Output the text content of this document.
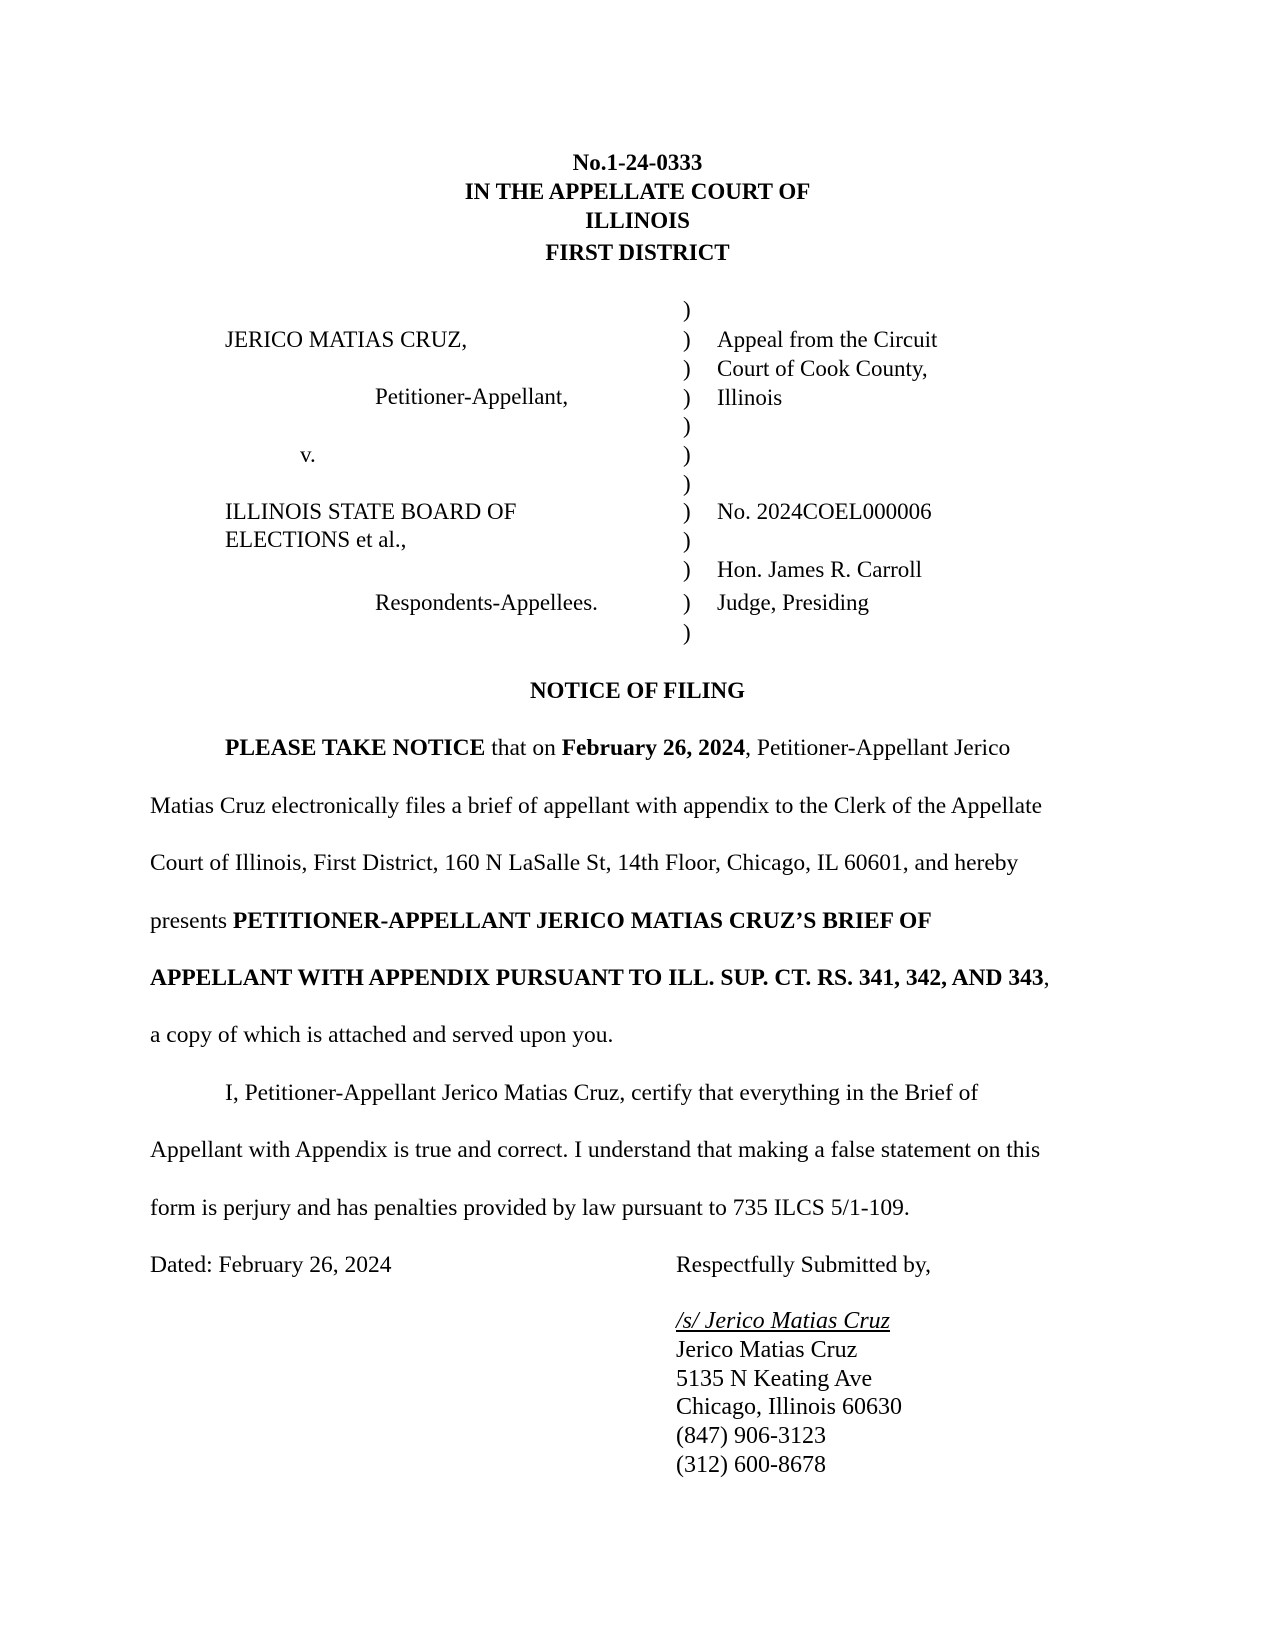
No.1-24-0333
IN THE APPELLATE COURT OF
ILLINOIS
FIRST DISTRICT
JERICO MATIAS CRUZ,
Petitioner-Appellant,
v.
ILLINOIS STATE BOARD OF
ELECTIONS et al.,
Respondents-Appellees.
)
)
)
)
)
)
)
)
)
)
)
)
Appeal from the Circuit
Court of Cook County,
Illinois
No. 2024COEL000006
Hon. James R. Carroll
Judge, Presiding
NOTICE OF FILING
PLEASE TAKE NOTICE that on February 26, 2024, Petitioner-Appellant Jerico
Matias Cruz electronically files a brief of appellant with appendix to the Clerk of the Appellate
Court of Illinois, First District, 160 N LaSalle St, 14th Floor, Chicago, IL 60601, and hereby
presents PETITIONER-APPELLANT JERICO MATIAS CRUZ’S BRIEF OF
APPELLANT WITH APPENDIX PURSUANT TO ILL. SUP. CT. RS. 341, 342, AND 343,
a copy of which is attached and served upon you.
I, Petitioner-Appellant Jerico Matias Cruz, certify that everything in the Brief of
Appellant with Appendix is true and correct. I understand that making a false statement on this
form is perjury and has penalties provided by law pursuant to 735 ILCS 5/1-109.
Dated: February 26, 2024	Respectfully Submitted by,
/s/ Jerico Matias Cruz
Jerico Matias Cruz
5135 N Keating Ave
Chicago, Illinois 60630
(847) 906-3123
(312) 600-8678
